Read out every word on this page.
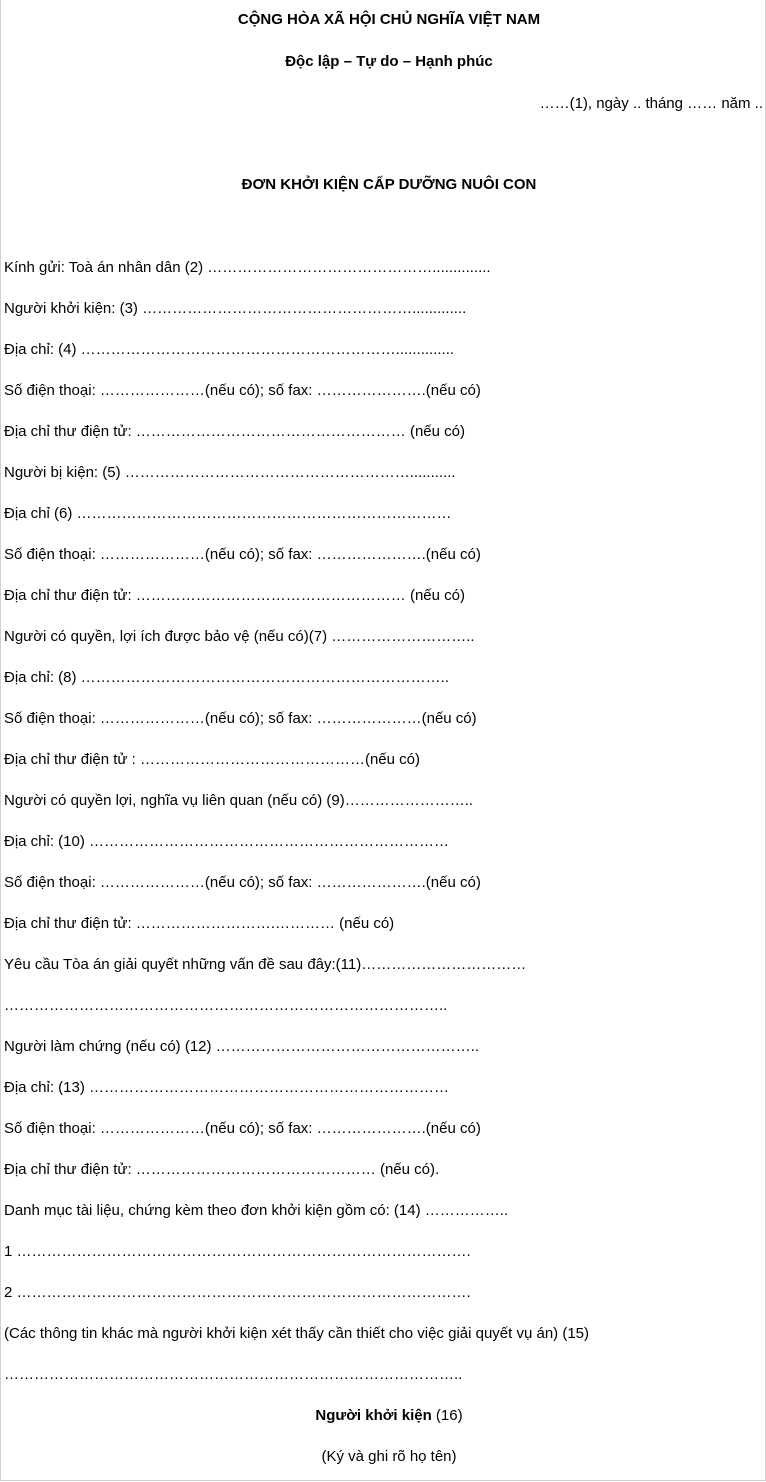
CỘNG HÒA XÃ HỘI CHỦ NGHĨA VIỆT NAM
Độc lập – Tự do – Hạnh phúc
……(1), ngày .. tháng …… năm ..
ĐƠN KHỞI KIỆN CẤP DƯỠNG NUÔI CON
Kính gửi: Toà án nhân dân (2) ………………………………………..............
Người khởi kiện: (3) ……………………………………………….............
Địa chỉ: (4) ………………………………………………………..............
Số điện thoại: …………………(nếu có); số fax: ………………….(nếu có)
Địa chỉ thư điện tử: ……………………………………………… (nếu có)
Người bị kiện: (5) …………………………………………………...........
Địa chỉ (6) …………………………………………………………………
Số điện thoại: …………………(nếu có); số fax: ………………….(nếu có)
Địa chỉ thư điện tử: ……………………………………………… (nếu có)
Người có quyền, lợi ích được bảo vệ (nếu có)(7) ………………………..
Địa chỉ: (8) ………………………………………………………………..
Số điện thoại: …………………(nếu có); số fax: …………………(nếu có)
Địa chỉ thư điện tử : ………………………………………(nếu có)
Người có quyền lợi, nghĩa vụ liên quan (nếu có) (9)……………………..
Địa chỉ: (10) ………………………………………………………………
Số điện thoại: …………………(nếu có); số fax: ………………….(nếu có)
Địa chỉ thư điện tử: ……………………….………… (nếu có)
Yêu cầu Tòa án giải quyết những vấn đề sau đây:(11)……………………………
……………………………………………………………………………..
Người làm chứng (nếu có) (12) ……………………………………………..
Địa chỉ: (13) ………………………………………………………………
Số điện thoại: …………………(nếu có); số fax: ………………….(nếu có)
Địa chỉ thư điện tử: ………………………………………… (nếu có).
Danh mục tài liệu, chứng kèm theo đơn khởi kiện gồm có: (14) ……………..
1 ……………………………………………………………………………….
2 ……………………………………………………………………………….
(Các thông tin khác mà người khởi kiện xét thấy cần thiết cho việc giải quyết vụ án) (15)
………………………………………………………………………………..
Người khởi kiện (16)
(Ký và ghi rõ họ tên)
